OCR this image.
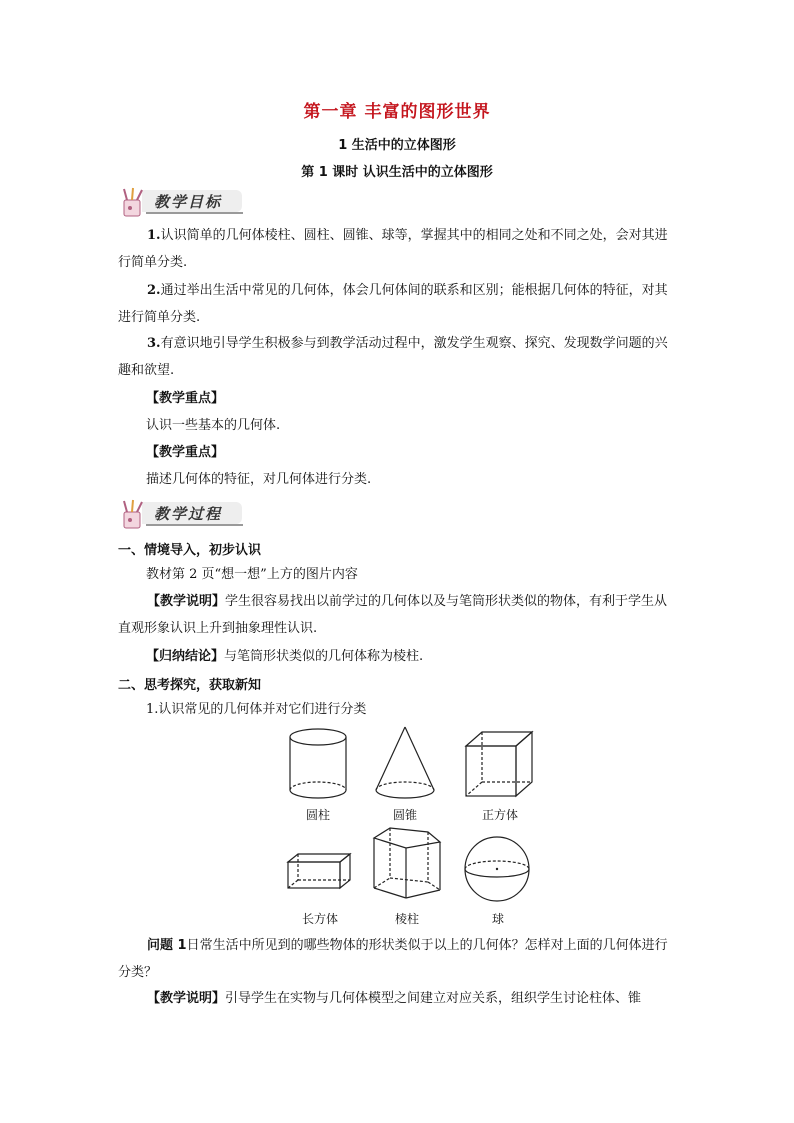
第一章 丰富的图形世界
1 生活中的立体图形
第 1 课时 认识生活中的立体图形
教学目标
1.认识简单的几何体棱柱、圆柱、圆锥、球等，掌握其中的相同之处和不同之处，会对其进行简单分类.
2.通过举出生活中常见的几何体，体会几何体间的联系和区别；能根据几何体的特征，对其进行简单分类.
3.有意识地引导学生积极参与到教学活动过程中，激发学生观察、探究、发现数学问题的兴趣和欲望.
【教学重点】
认识一些基本的几何体.
【教学重点】
描述几何体的特征，对几何体进行分类.
教学过程
一、情境导入，初步认识
教材第 2 页“想一想”上方的图片内容
【教学说明】学生很容易找出以前学过的几何体以及与笔筒形状类似的物体，有利于学生从直观形象认识上升到抽象理性认识.
【归纳结论】与笔筒形状类似的几何体称为棱柱.
二、思考探究，获取新知
1.认识常见的几何体并对它们进行分类
圆柱	圆锥	正方体
长方体	棱柱	球
问题 1日常生活中所见到的哪些物体的形状类似于以上的几何体？怎样对上面的几何体进行分类？
【教学说明】引导学生在实物与几何体模型之间建立对应关系，组织学生讨论柱体、锥
